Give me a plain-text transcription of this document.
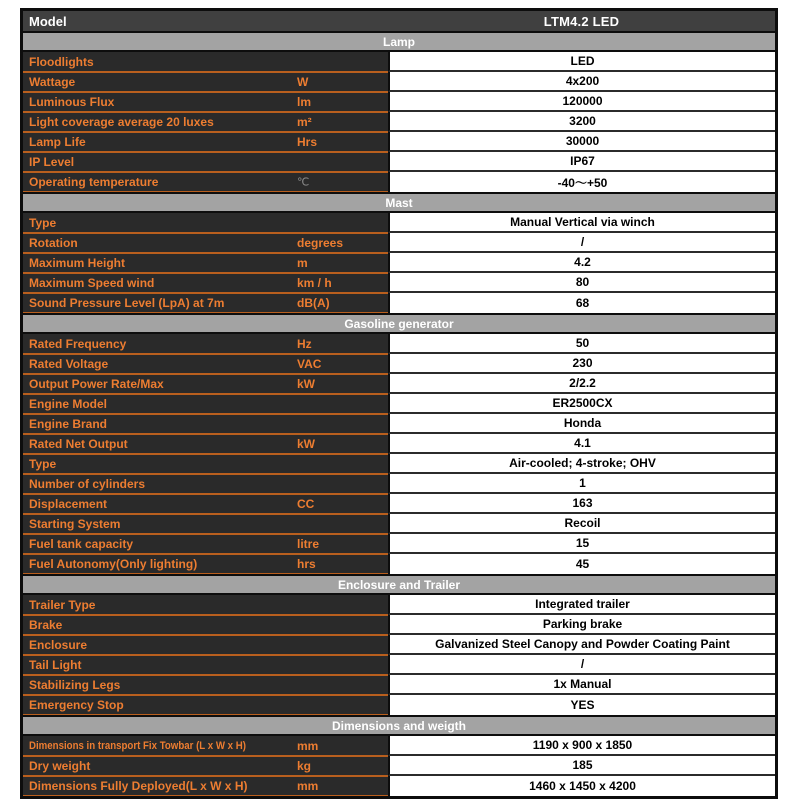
Model	LTM4.2 LED
Lamp
Floodlights	LED
Wattage	W	4x200
Luminous Flux	lm	120000
Light coverage average 20 luxes	m²	3200
Lamp Life	Hrs	30000
IP Level	IP67
Operating temperature	℃	-40～+50
Mast
Type	Manual Vertical via winch
Rotation	degrees	/
Maximum Height	m	4.2
Maximum Speed wind	km / h	80
Sound Pressure Level (LpA) at 7m	dB(A)	68
Gasoline generator
Rated Frequency	Hz	50
Rated Voltage	VAC	230
Output Power Rate/Max	kW	2/2.2
Engine Model	ER2500CX
Engine Brand	Honda
Rated Net Output	kW	4.1
Type	Air-cooled; 4-stroke; OHV
Number of cylinders	1
Displacement	CC	163
Starting System	Recoil
Fuel tank capacity	litre	15
Fuel Autonomy(Only lighting)	hrs	45
Enclosure and Trailer
Trailer Type	Integrated trailer
Brake	Parking brake
Enclosure	Galvanized Steel Canopy and Powder Coating Paint
Tail Light	/
Stabilizing Legs	1x Manual
Emergency Stop	YES
Dimensions and weigth
Dimensions in transport Fix Towbar (L x W x H)	mm	1190 x 900 x 1850
Dry weight	kg	185
Dimensions Fully Deployed(L x W x H)	mm	1460 x 1450 x 4200
